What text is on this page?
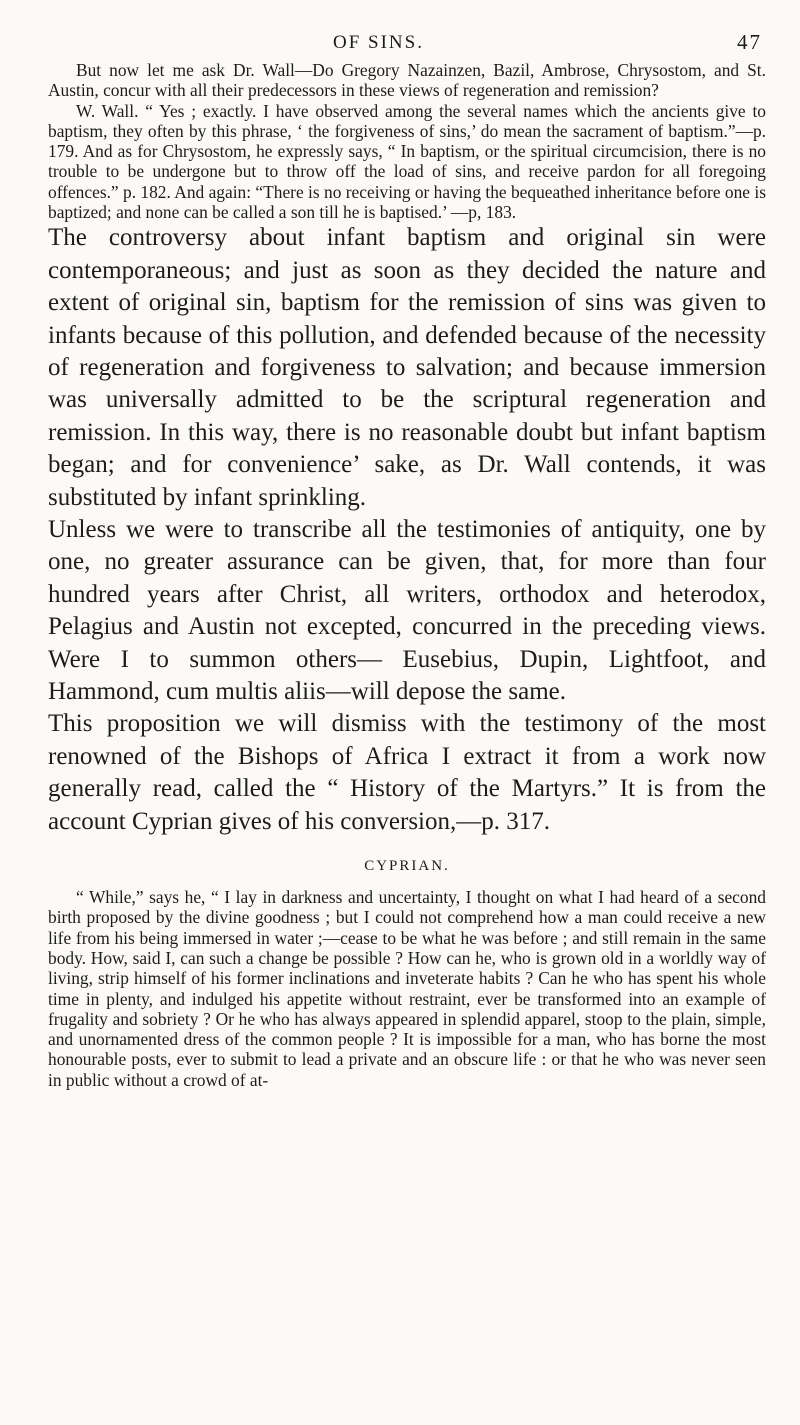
OF SINS.	47

But now let me ask Dr. Wall—Do Gregory Nazainzen, Bazil, Ambrose, Chrysostom, and St. Austin, concur with all their predecessors in these views of regeneration and remission?

W. Wall. “ Yes ; exactly. I have observed among the several names which the ancients give to baptism, they often by this phrase, ‘ the forgiveness of sins,’ do mean the sacrament of baptism.”—p. 179. And as for Chrysostom, he expressly says, “ In baptism, or the spiritual circumcision, there is no trouble to be undergone but to throw off the load of sins, and receive pardon for all foregoing offences.” p. 182. And again: “There is no receiving or having the bequeathed inheritance before one is baptized; and none can be called a son till he is baptised.’ —p, 183.

The controversy about infant baptism and original sin were contemporaneous; and just as soon as they decided the nature and extent of original sin, baptism for the remission of sins was given to infants because of this pollution, and defended because of the necessity of regeneration and forgiveness to salvation; and because immersion was universally admitted to be the scriptural regeneration and remission. In this way, there is no reasonable doubt but infant baptism began; and for convenience’ sake, as Dr. Wall contends, it was substituted by infant sprinkling.

Unless we were to transcribe all the testimonies of antiquity, one by one, no greater assurance can be given, that, for more than four hundred years after Christ, all writers, orthodox and heterodox, Pelagius and Austin not excepted, concurred in the preceding views. Were I to summon others— Eusebius, Dupin, Lightfoot, and Hammond, cum multis aliis—will depose the same.

This proposition we will dismiss with the testimony of the most renowned of the Bishops of Africa I extract it from a work now generally read, called the “ History of the Martyrs.” It is from the account Cyprian gives of his conversion,—p. 317.

CYPRIAN.

“ While,” says he, “ I lay in darkness and uncertainty, I thought on what I had heard of a second birth proposed by the divine goodness ; but I could not comprehend how a man could receive a new life from his being immersed in water ;—cease to be what he was before ; and still remain in the same body. How, said I, can such a change be possible ? How can he, who is grown old in a worldly way of living, strip himself of his former inclinations and inveterate habits ? Can he who has spent his whole time in plenty, and indulged his appetite without restraint, ever be transformed into an example of frugality and sobriety ? Or he who has always appeared in splendid apparel, stoop to the plain, simple, and unornamented dress of the common people ? It is impossible for a man, who has borne the most honourable posts, ever to submit to lead a private and an obscure life : or that he who was never seen in public without a crowd of at-
